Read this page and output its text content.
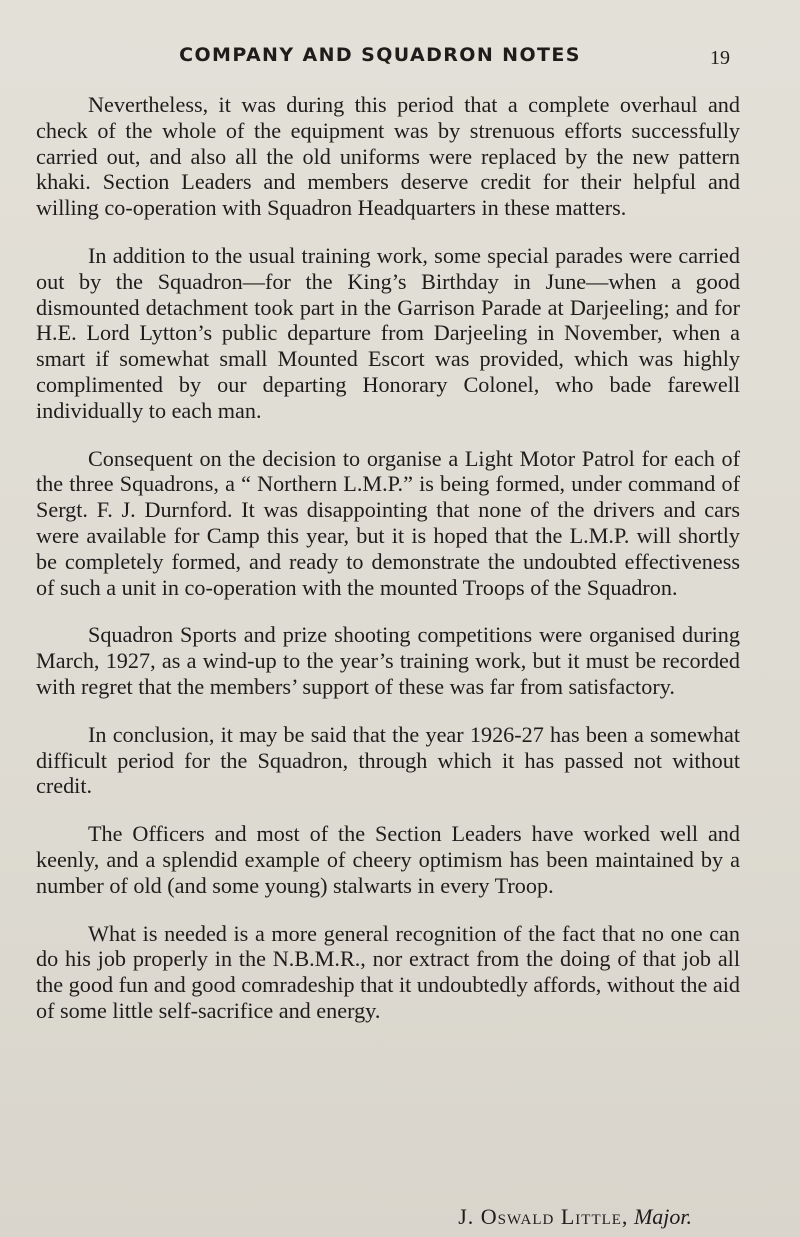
COMPANY AND SQUADRON NOTES	19

Nevertheless, it was during this period that a complete overhaul and check of the whole of the equipment was by strenuous efforts successfully carried out, and also all the old uniforms were replaced by the new pattern khaki. Section Leaders and members deserve credit for their helpful and willing co-operation with Squadron Headquarters in these matters.

In addition to the usual training work, some special parades were carried out by the Squadron—for the King’s Birthday in June—when a good dismounted detachment took part in the Garrison Parade at Darjeeling; and for H.E. Lord Lytton’s public departure from Darjeeling in November, when a smart if somewhat small Mounted Escort was provided, which was highly complimented by our departing Honorary Colonel, who bade farewell individually to each man.

Consequent on the decision to organise a Light Motor Patrol for each of the three Squadrons, a “ Northern L.M.P.” is being formed, under command of Sergt. F. J. Durnford. It was disappointing that none of the drivers and cars were available for Camp this year, but it is hoped that the L.M.P. will shortly be completely formed, and ready to demonstrate the undoubted effectiveness of such a unit in co-operation with the mounted Troops of the Squadron.

Squadron Sports and prize shooting competitions were organised during March, 1927, as a wind-up to the year’s training work, but it must be recorded with regret that the members’ support of these was far from satisfactory.

In conclusion, it may be said that the year 1926-27 has been a somewhat difficult period for the Squadron, through which it has passed not without credit.

The Officers and most of the Section Leaders have worked well and keenly, and a splendid example of cheery optimism has been maintained by a number of old (and some young) stalwarts in every Troop.

What is needed is a more general recognition of the fact that no one can do his job properly in the N.B.M.R., nor extract from the doing of that job all the good fun and good comradeship that it undoubtedly affords, without the aid of some little self-sacrifice and energy.

J. Oswald Little, Major.
